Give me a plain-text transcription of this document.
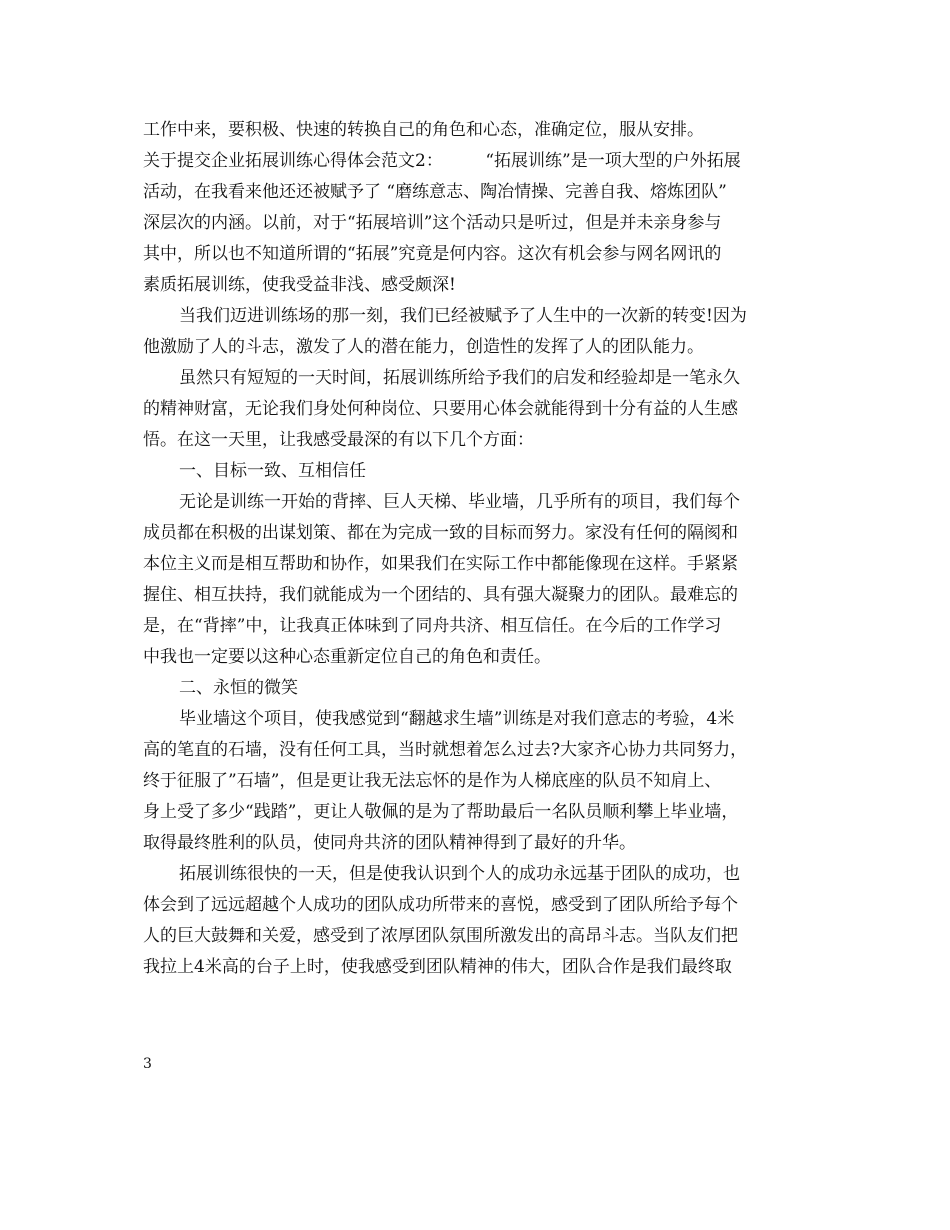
工作中来，要积极、快速的转换自己的角色和心态，准确定位，服从安排。
关于提交企业拓展训练心得体会范文2：　　　“拓展训练”是一项大型的户外拓展
活动，在我看来他还还被赋予了 “磨练意志、陶冶情操、完善自我、熔炼团队”
深层次的内涵。以前，对于“拓展培训”这个活动只是听过，但是并未亲身参与
其中，所以也不知道所谓的“拓展”究竟是何内容。这次有机会参与网名网讯的
素质拓展训练，使我受益非浅、感受颇深!
当我们迈进训练场的那一刻，我们已经被赋予了人生中的一次新的转变!因为
他激励了人的斗志，激发了人的潜在能力，创造性的发挥了人的团队能力。
虽然只有短短的一天时间，拓展训练所给予我们的启发和经验却是一笔永久
的精神财富，无论我们身处何种岗位、只要用心体会就能得到十分有益的人生感
悟。在这一天里，让我感受最深的有以下几个方面：
一、目标一致、互相信任
无论是训练一开始的背摔、巨人天梯、毕业墙，几乎所有的项目，我们每个
成员都在积极的出谋划策、都在为完成一致的目标而努力。家没有任何的隔阂和
本位主义而是相互帮助和协作，如果我们在实际工作中都能像现在这样。手紧紧
握住、相互扶持，我们就能成为一个团结的、具有强大凝聚力的团队。最难忘的
是，在“背摔”中，让我真正体味到了同舟共济、相互信任。在今后的工作学习
中我也一定要以这种心态重新定位自己的角色和责任。
二、永恒的微笑
毕业墙这个项目，使我感觉到“翻越求生墙”训练是对我们意志的考验，4米
高的笔直的石墙，没有任何工具，当时就想着怎么过去?大家齐心协力共同努力，
终于征服了”石墙”，但是更让我无法忘怀的是作为人梯底座的队员不知肩上、
身上受了多少“践踏”，更让人敬佩的是为了帮助最后一名队员顺利攀上毕业墙，
取得最终胜利的队员，使同舟共济的团队精神得到了最好的升华。
拓展训练很快的一天，但是使我认识到个人的成功永远基于团队的成功，也
体会到了远远超越个人成功的团队成功所带来的喜悦，感受到了团队所给予每个
人的巨大鼓舞和关爱，感受到了浓厚团队氛围所激发出的高昂斗志。当队友们把
我拉上4米高的台子上时，使我感受到团队精神的伟大，团队合作是我们最终取
3
